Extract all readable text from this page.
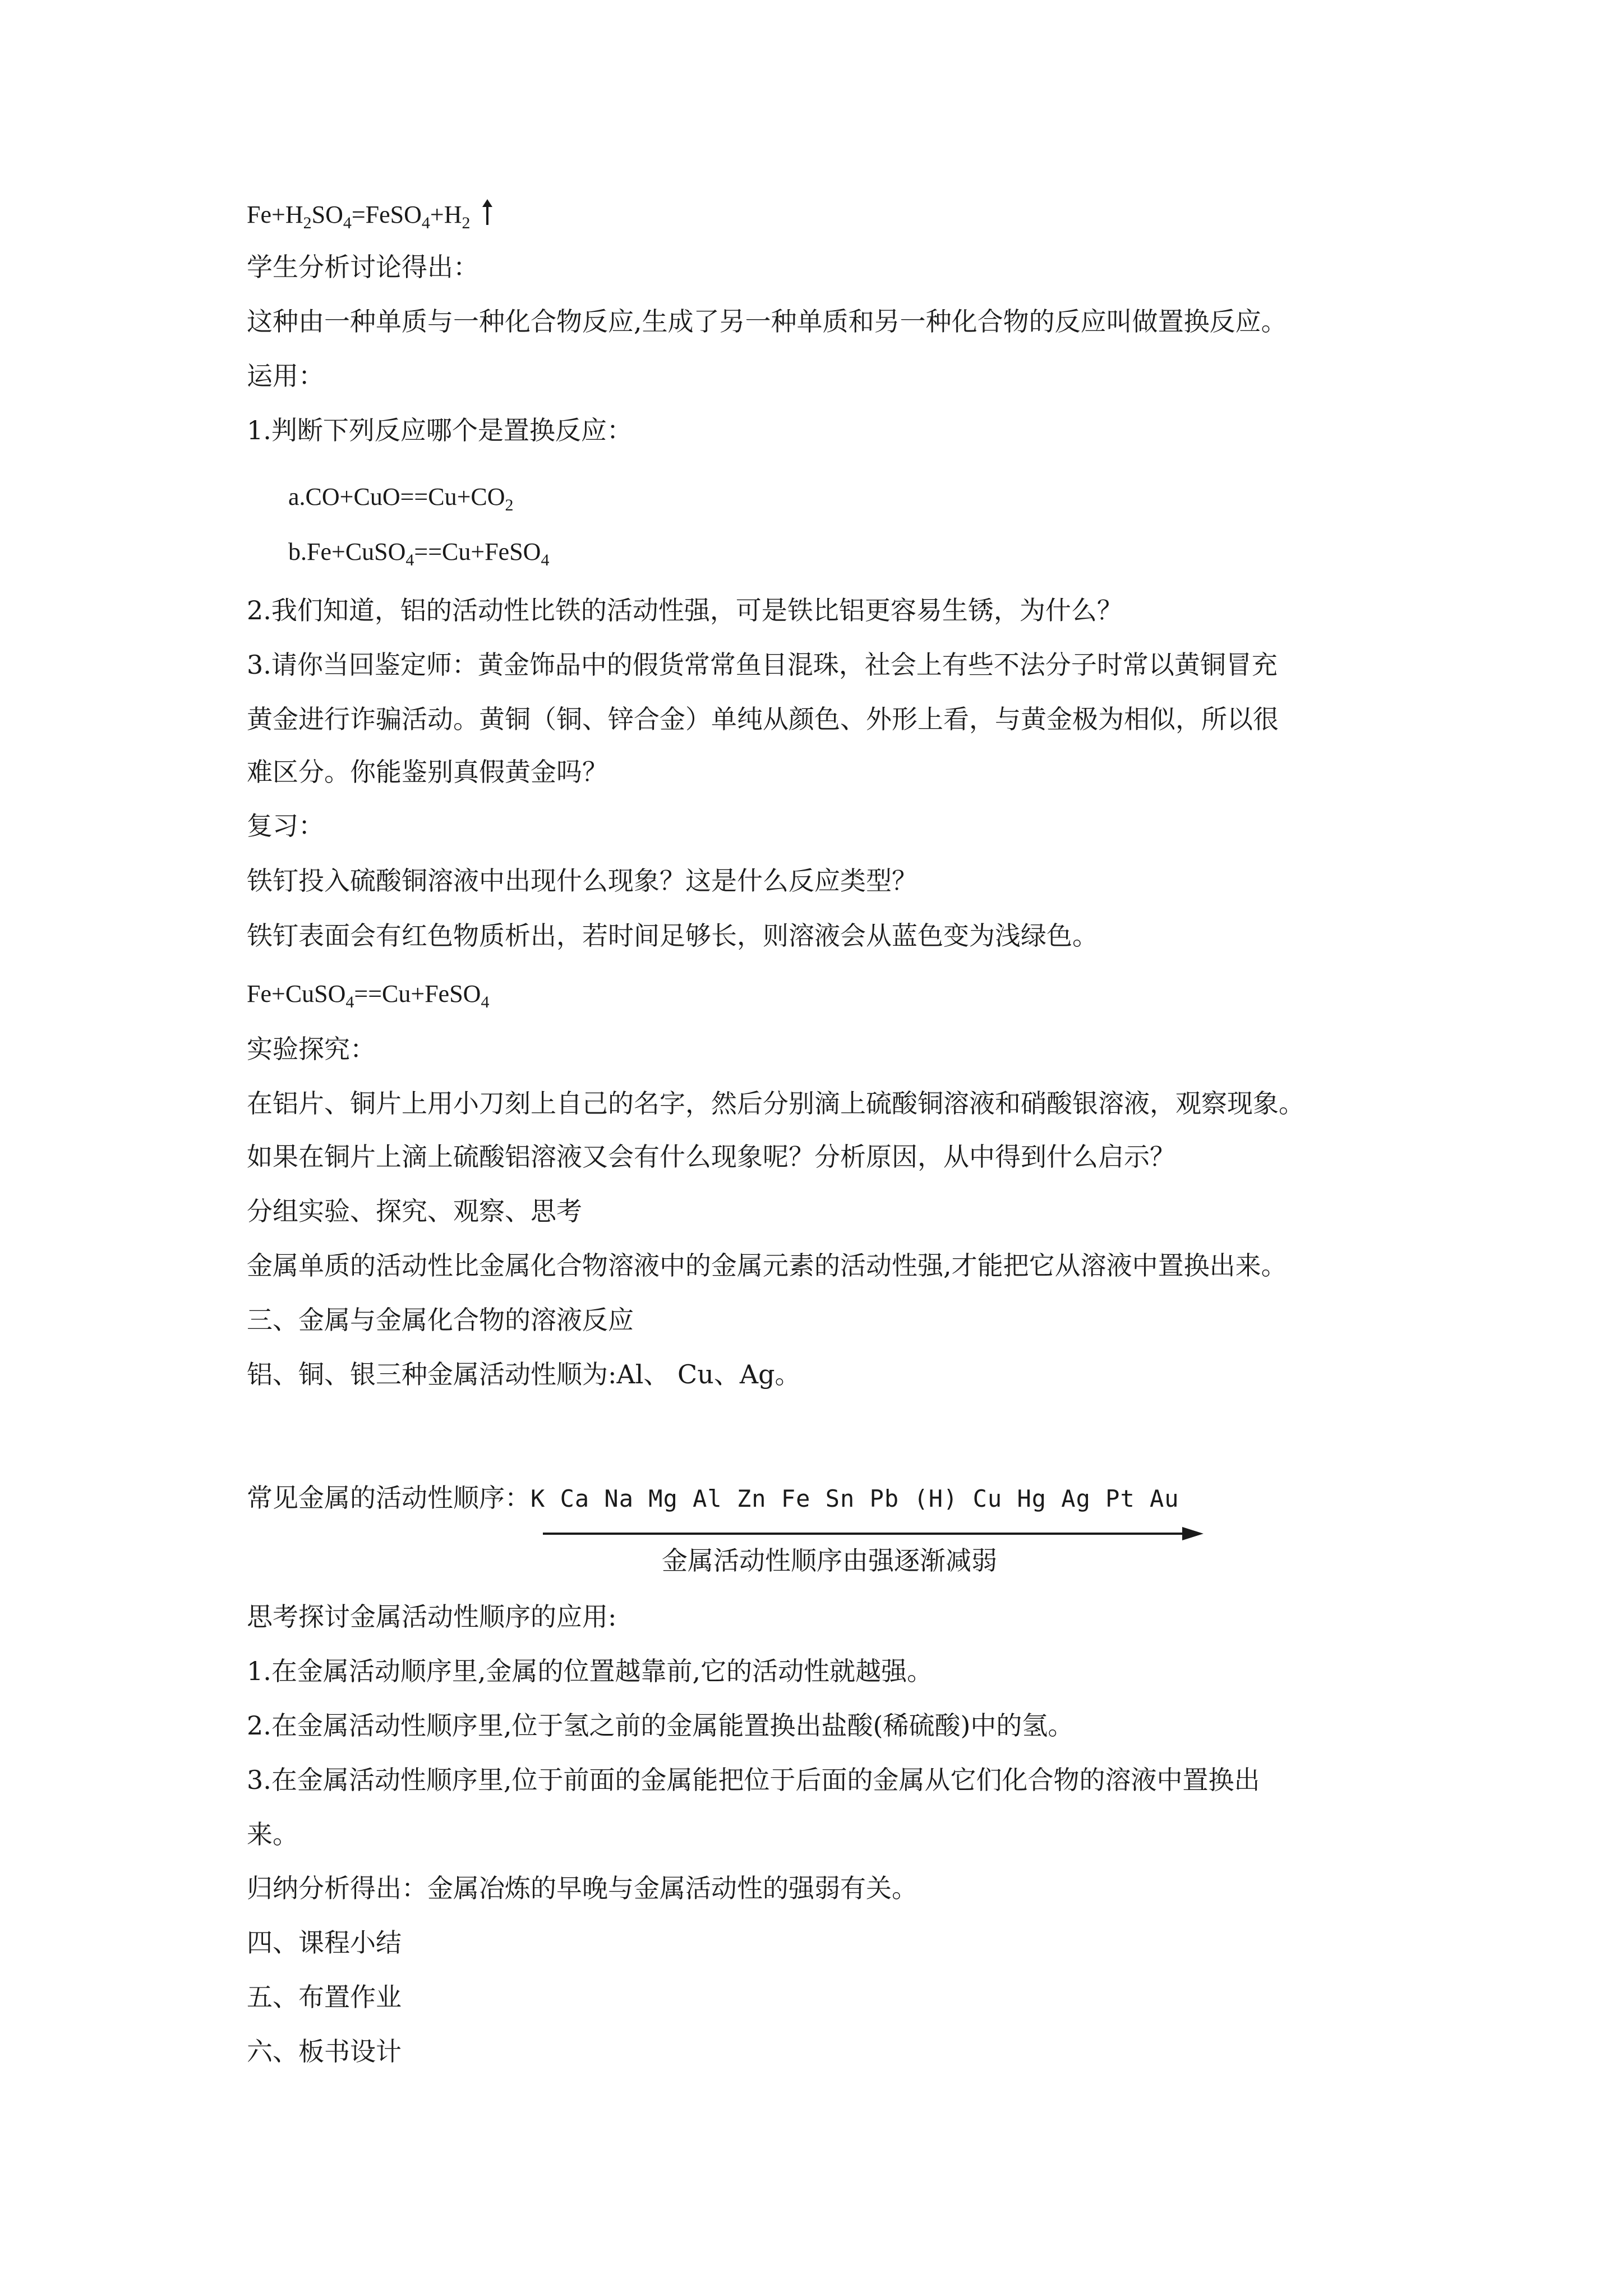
$Fe+H_2SO_4=FeSO_4+H_2$
学生分析讨论得出：
这种由一种单质与一种化合物反应,生成了另一种单质和另一种化合物的反应叫做置换反应。
运用：
1.判断下列反应哪个是置换反应：
$a.CO+CuO==Cu+CO_2$
b.Fe+CuSO$_4$==Cu+FeSO$_4$
2.我们知道，铝的活动性比铁的活动性强，可是铁比铝更容易生锈，为什么？
3.请你当回鉴定师：黄金饰品中的假货常常鱼目混珠，社会上有些不法分子时常以黄铜冒充
黄金进行诈骗活动。黄铜（铜、锌合金）单纯从颜色、外形上看，与黄金极为相似，所以很
难区分。你能鉴别真假黄金吗？
复习：
铁钉投入硫酸铜溶液中出现什么现象？这是什么反应类型？
铁钉表面会有红色物质析出，若时间足够长，则溶液会从蓝色变为浅绿色。
Fe+CuSO$_4$==Cu+FeSO$_4$
实验探究：
在铝片、铜片上用小刀刻上自己的名字，然后分别滴上硫酸铜溶液和硝酸银溶液，观察现象。
如果在铜片上滴上硫酸铝溶液又会有什么现象呢？分析原因，从中得到什么启示？
分组实验、探究、观察、思考
金属单质的活动性比金属化合物溶液中的金属元素的活动性强,才能把它从溶液中置换出来。
三、金属与金属化合物的溶液反应
铝、铜、银三种金属活动性顺为:Al、 Cu、Ag。
常见金属的活动性顺序：K Ca Na Mg Al Zn Fe Sn Pb (H) Cu Hg Ag Pt Au
金属活动性顺序由强逐渐减弱
思考探讨金属活动性顺序的应用:
1.在金属活动顺序里,金属的位置越靠前,它的活动性就越强。
2.在金属活动性顺序里,位于氢之前的金属能置换出盐酸(稀硫酸)中的氢。
3.在金属活动性顺序里,位于前面的金属能把位于后面的金属从它们化合物的溶液中置换出
来。
归纳分析得出：金属冶炼的早晚与金属活动性的强弱有关。
四、课程小结
五、布置作业
六、板书设计
